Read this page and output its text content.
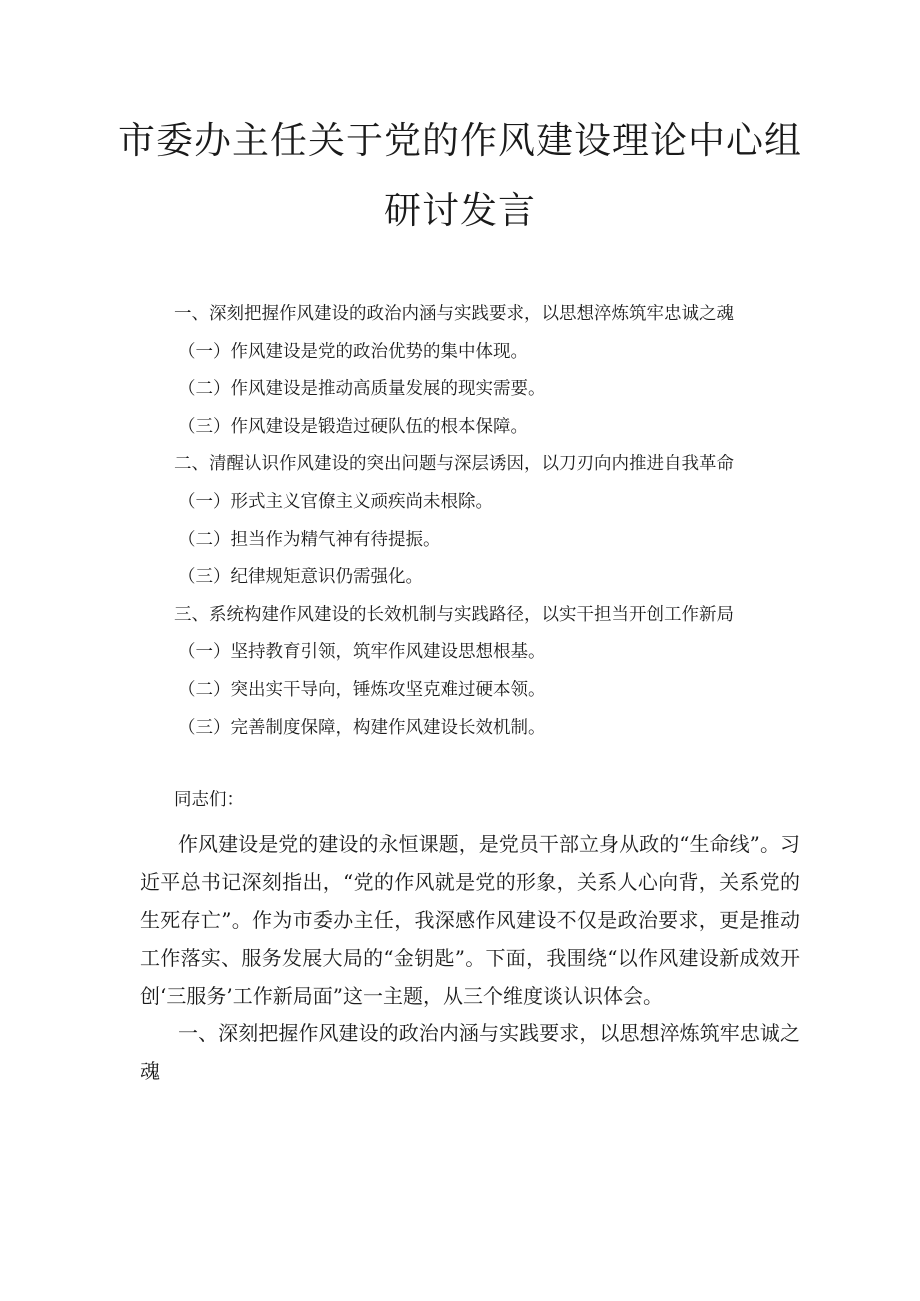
市委办主任关于党的作风建设理论中心组
研讨发言
一、深刻把握作风建设的政治内涵与实践要求，以思想淬炼筑牢忠诚之魂
（一）作风建设是党的政治优势的集中体现。
（二）作风建设是推动高质量发展的现实需要。
（三）作风建设是锻造过硬队伍的根本保障。
二、清醒认识作风建设的突出问题与深层诱因，以刀刃向内推进自我革命
（一）形式主义官僚主义顽疾尚未根除。
（二）担当作为精气神有待提振。
（三）纪律规矩意识仍需强化。
三、系统构建作风建设的长效机制与实践路径，以实干担当开创工作新局
（一）坚持教育引领，筑牢作风建设思想根基。
（二）突出实干导向，锤炼攻坚克难过硬本领。
（三）完善制度保障，构建作风建设长效机制。

同志们：

作风建设是党的建设的永恒课题，是党员干部立身从政的“生命线”。习近平总书记深刻指出，“党的作风就是党的形象，关系人心向背，关系党的生死存亡”。作为市委办主任，我深感作风建设不仅是政治要求，更是推动工作落实、服务发展大局的“金钥匙”。下面，我围绕“以作风建设新成效开创‘三服务’工作新局面”这一主题，从三个维度谈认识体会。

一、深刻把握作风建设的政治内涵与实践要求，以思想淬炼筑牢忠诚之魂
